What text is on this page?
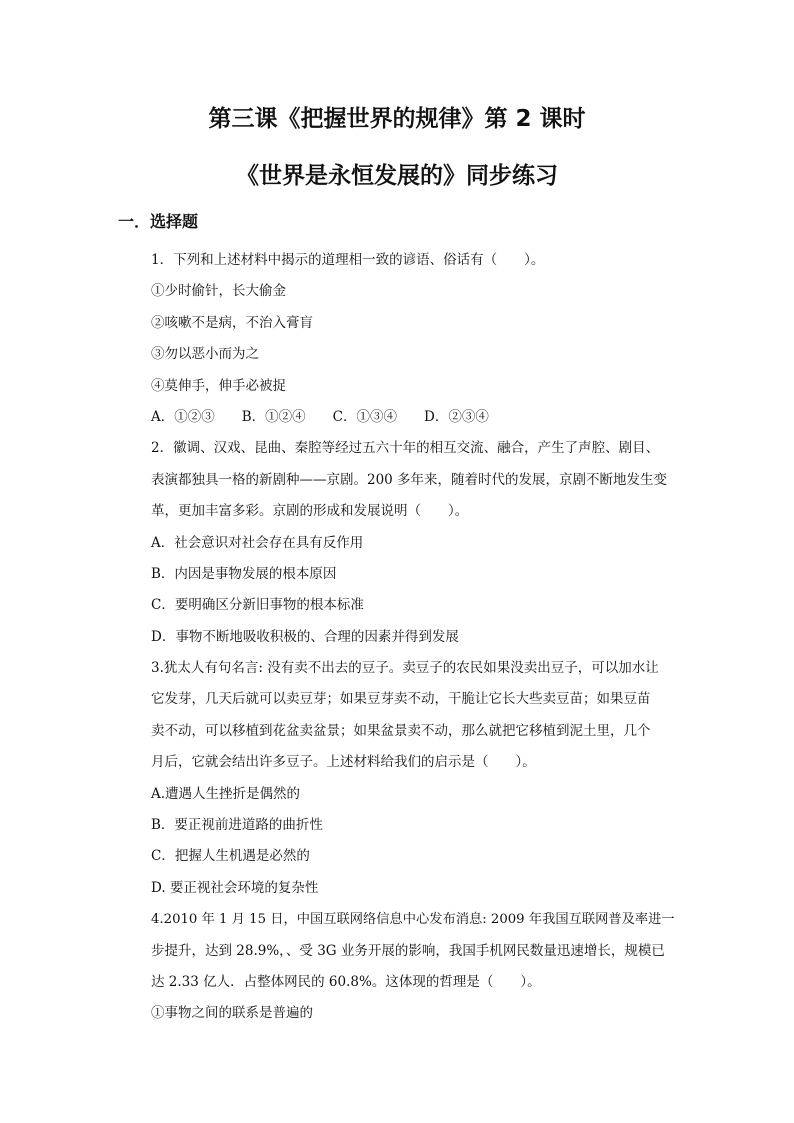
第三课《把握世界的规律》第 2 课时
《世界是永恒发展的》同步练习
一．选择题
1．下列和上述材料中揭示的道理相一致的谚语、俗话有（　　）。
①少时偷针，长大偷金
②咳嗽不是病，不治入膏肓
③勿以恶小而为之
④莫伸手，伸手必被捉
A．①②③　　B．①②④　　C．①③④　　D．②③④
2．徽调、汉戏、昆曲、秦腔等经过五六十年的相互交流、融合，产生了声腔、剧目、
表演都独具一格的新剧种——京剧。200 多年来，随着时代的发展，京剧不断地发生变
革，更加丰富多彩。京剧的形成和发展说明（　　）。
A．社会意识对社会存在具有反作用
B．内因是事物发展的根本原因
C．要明确区分新旧事物的根本标准
D．事物不断地吸收积极的、合理的因素并得到发展
3.犹太人有句名言: 没有卖不出去的豆子。卖豆子的农民如果没卖出豆子，可以加水让
它发芽，几天后就可以卖豆芽；如果豆芽卖不动，干脆让它长大些卖豆苗；如果豆苗
卖不动，可以移植到花盆卖盆景；如果盆景卖不动，那么就把它移植到泥土里，几个
月后，它就会结出许多豆子。上述材料给我们的启示是（　　）。
A.遭遇人生挫折是偶然的
B．要正视前进道路的曲折性
C．把握人生机遇是必然的
D. 要正视社会环境的复杂性
4.2010 年 1 月 15 日，中国互联网络信息中心发布消息: 2009 年我国互联网普及率进一
步提升，达到 28.9%，、受 3G 业务开展的影响，我国手机网民数量迅速增长，规模已
达 2.33 亿人．占整体网民的 60.8%。这体现的哲理是（　　）。
①事物之间的联系是普遍的
